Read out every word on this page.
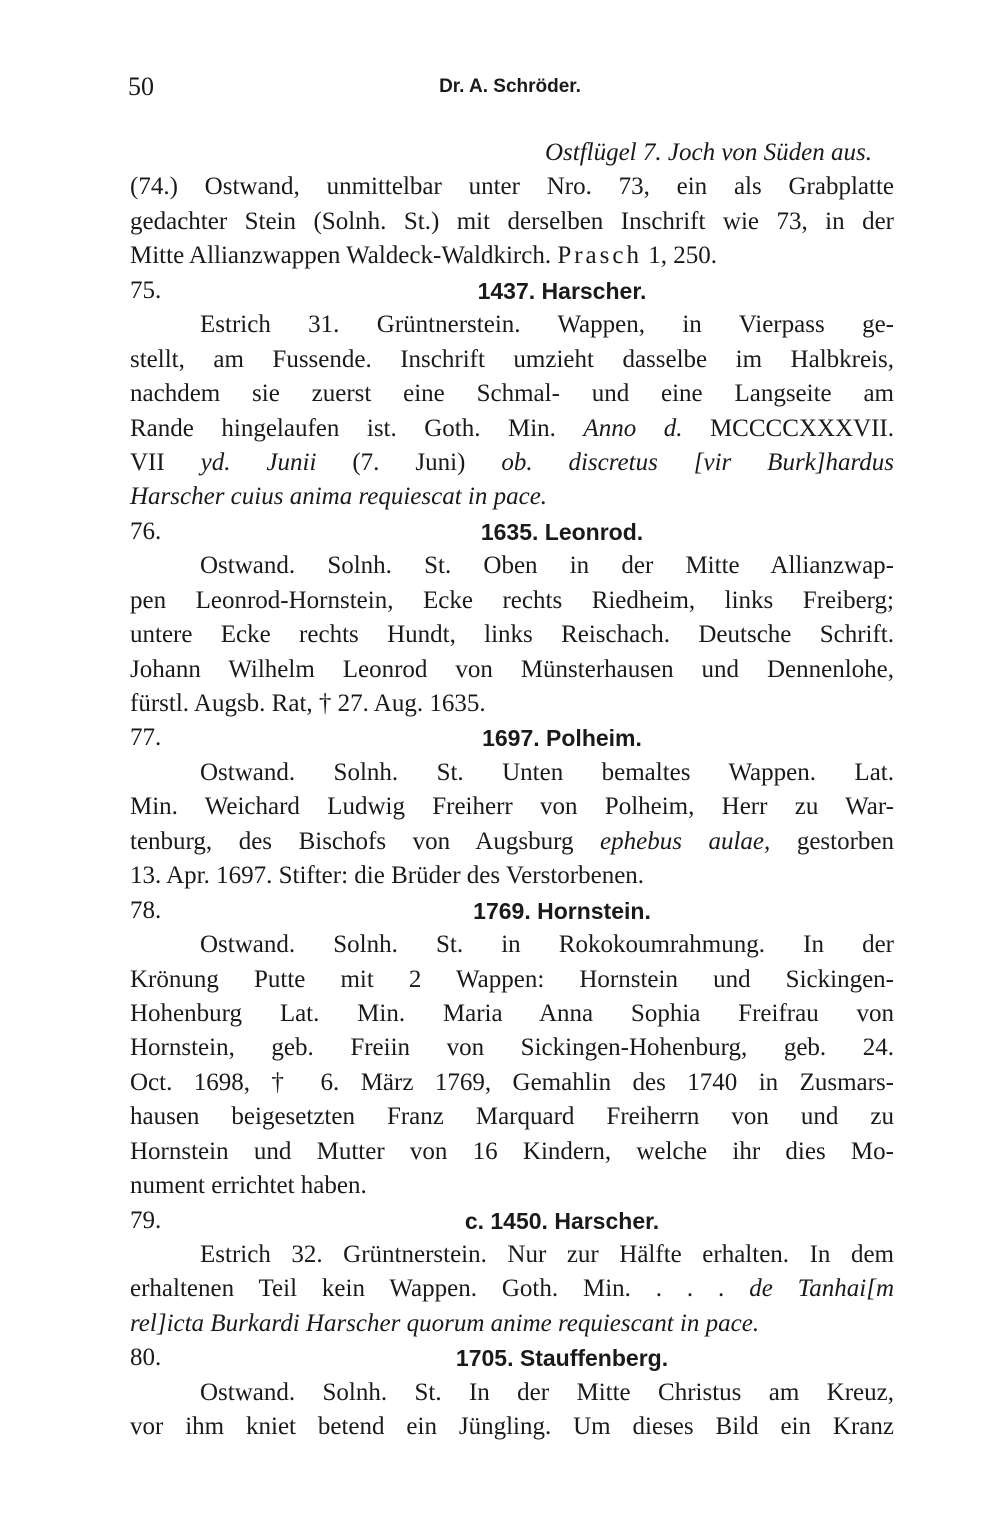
50	Dr. A. Schröder.
Ostflügel 7. Joch von Süden aus.
(74.) Ostwand, unmittelbar unter Nro. 73, ein als Grabplatte
gedachter Stein (Solnh. St.) mit derselben Inschrift wie 73, in der
Mitte Allianzwappen Waldeck-Waldkirch. Prasch 1, 250.
75.	1437. Harscher.
Estrich 31. Grüntnerstein. Wappen, in Vierpass ge-
stellt, am Fussende. Inschrift umzieht dasselbe im Halbkreis,
nachdem sie zuerst eine Schmal- und eine Langseite am
Rande hingelaufen ist. Goth. Min. Anno d. MCCCCXXXVII.
VII yd. Junii (7. Juni) ob. discretus [vir Burk]hardus
Harscher cuius anima requiescat in pace.
76.	1635. Leonrod.
Ostwand. Solnh. St. Oben in der Mitte Allianzwap-
pen Leonrod-Hornstein, Ecke rechts Riedheim, links Freiberg;
untere Ecke rechts Hundt, links Reischach. Deutsche Schrift.
Johann Wilhelm Leonrod von Münsterhausen und Dennenlohe,
fürstl. Augsb. Rat, † 27. Aug. 1635.
77.	1697. Polheim.
Ostwand. Solnh. St. Unten bemaltes Wappen. Lat.
Min. Weichard Ludwig Freiherr von Polheim, Herr zu War-
tenburg, des Bischofs von Augsburg ephebus aulae, gestorben
13. Apr. 1697. Stifter: die Brüder des Verstorbenen.
78.	1769. Hornstein.
Ostwand. Solnh. St. in Rokokoumrahmung. In der
Krönung Putte mit 2 Wappen: Hornstein und Sickingen-
Hohenburg Lat. Min. Maria Anna Sophia Freifrau von
Hornstein, geb. Freiin von Sickingen-Hohenburg, geb. 24.
Oct. 1698, † 6. März 1769, Gemahlin des 1740 in Zusmars-
hausen beigesetzten Franz Marquard Freiherrn von und zu
Hornstein und Mutter von 16 Kindern, welche ihr dies Mo-
nument errichtet haben.
79.	c. 1450. Harscher.
Estrich 32. Grüntnerstein. Nur zur Hälfte erhalten. In dem
erhaltenen Teil kein Wappen. Goth. Min. . . . de Tanhai[m
rel]icta Burkardi Harscher quorum anime requiescant in pace.
80.	1705. Stauffenberg.
Ostwand. Solnh. St. In der Mitte Christus am Kreuz,
vor ihm kniet betend ein Jüngling. Um dieses Bild ein Kranz
